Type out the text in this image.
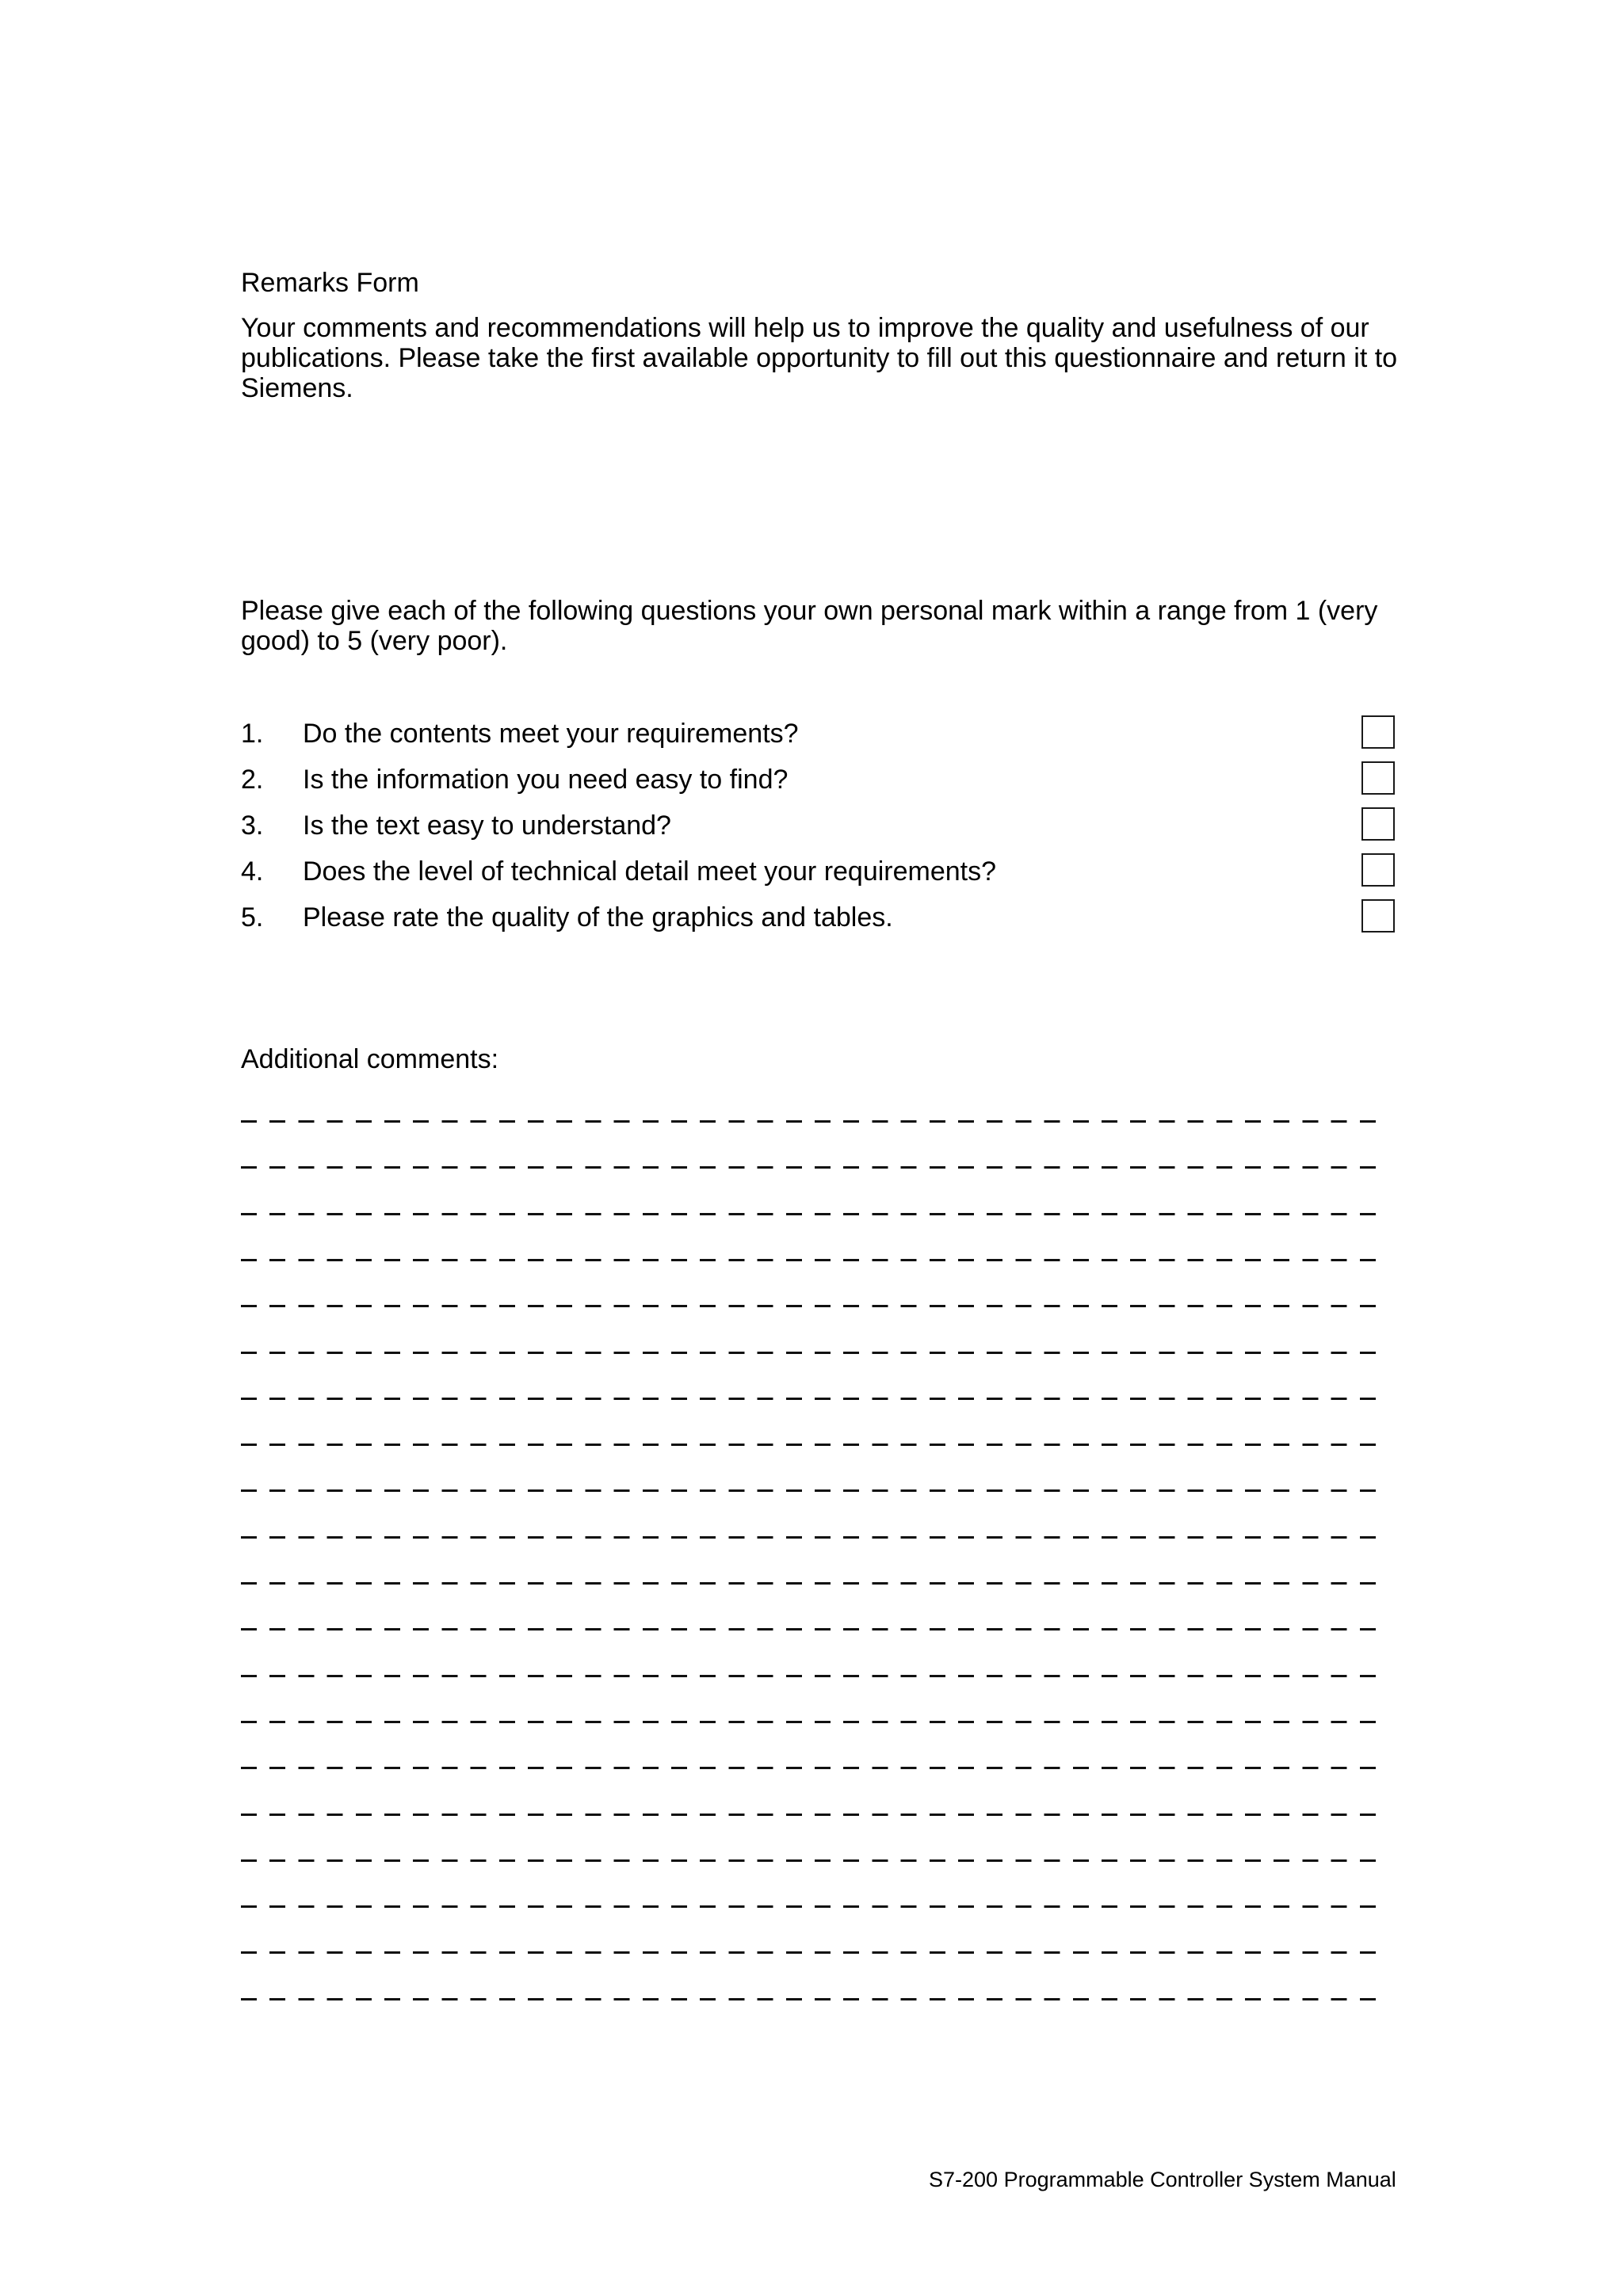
Remarks Form
Your comments and recommendations will help us to improve the quality and usefulness of our publications. Please take the first available opportunity to fill out this questionnaire and return it to Siemens.
Please give each of the following questions your own personal mark within a range from 1 (very good) to 5 (very poor).
1. Do the contents meet your requirements?
2. Is the information you need easy to find?
3. Is the text easy to understand?
4. Does the level of technical detail meet your requirements?
5. Please rate the quality of the graphics and tables.
Additional comments:
S7-200 Programmable Controller System Manual
